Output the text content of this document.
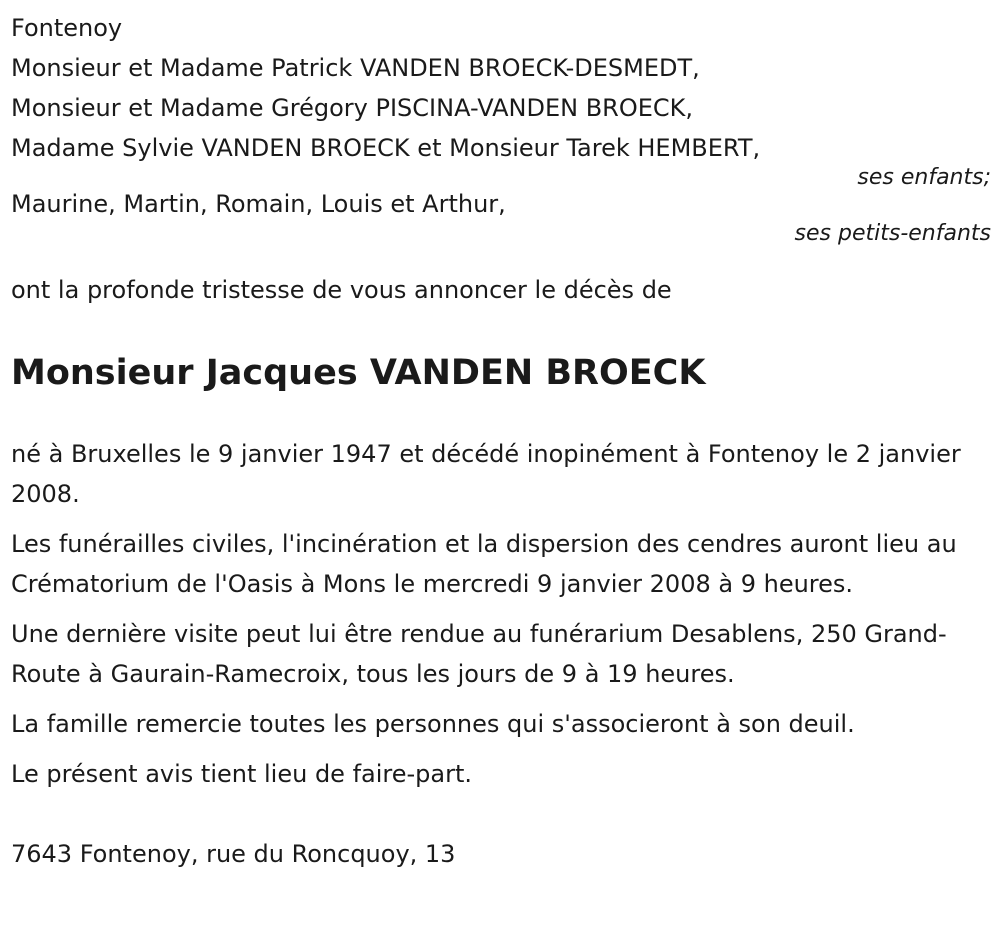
Fontenoy
Monsieur et Madame Patrick VANDEN BROECK-DESMEDT,
Monsieur et Madame Grégory PISCINA-VANDEN BROECK,
Madame Sylvie VANDEN BROECK et Monsieur Tarek HEMBERT,
ses enfants;
Maurine, Martin, Romain, Louis et Arthur,
ses petits-enfants
ont la profonde tristesse de vous annoncer le décès de
Monsieur Jacques VANDEN BROECK

né à Bruxelles le 9 janvier 1947 et décédé inopinément à Fontenoy le 2 janvier 2008.

Les funérailles civiles, l'incinération et la dispersion des cendres auront lieu au Crématorium de l'Oasis à Mons le mercredi 9 janvier 2008 à 9 heures.

Une dernière visite peut lui être rendue au funérarium Desablens, 250 Grand-Route à Gaurain-Ramecroix, tous les jours de 9 à 19 heures.

La famille remercie toutes les personnes qui s'associeront à son deuil.

Le présent avis tient lieu de faire-part.

7643 Fontenoy, rue du Roncquoy, 13
